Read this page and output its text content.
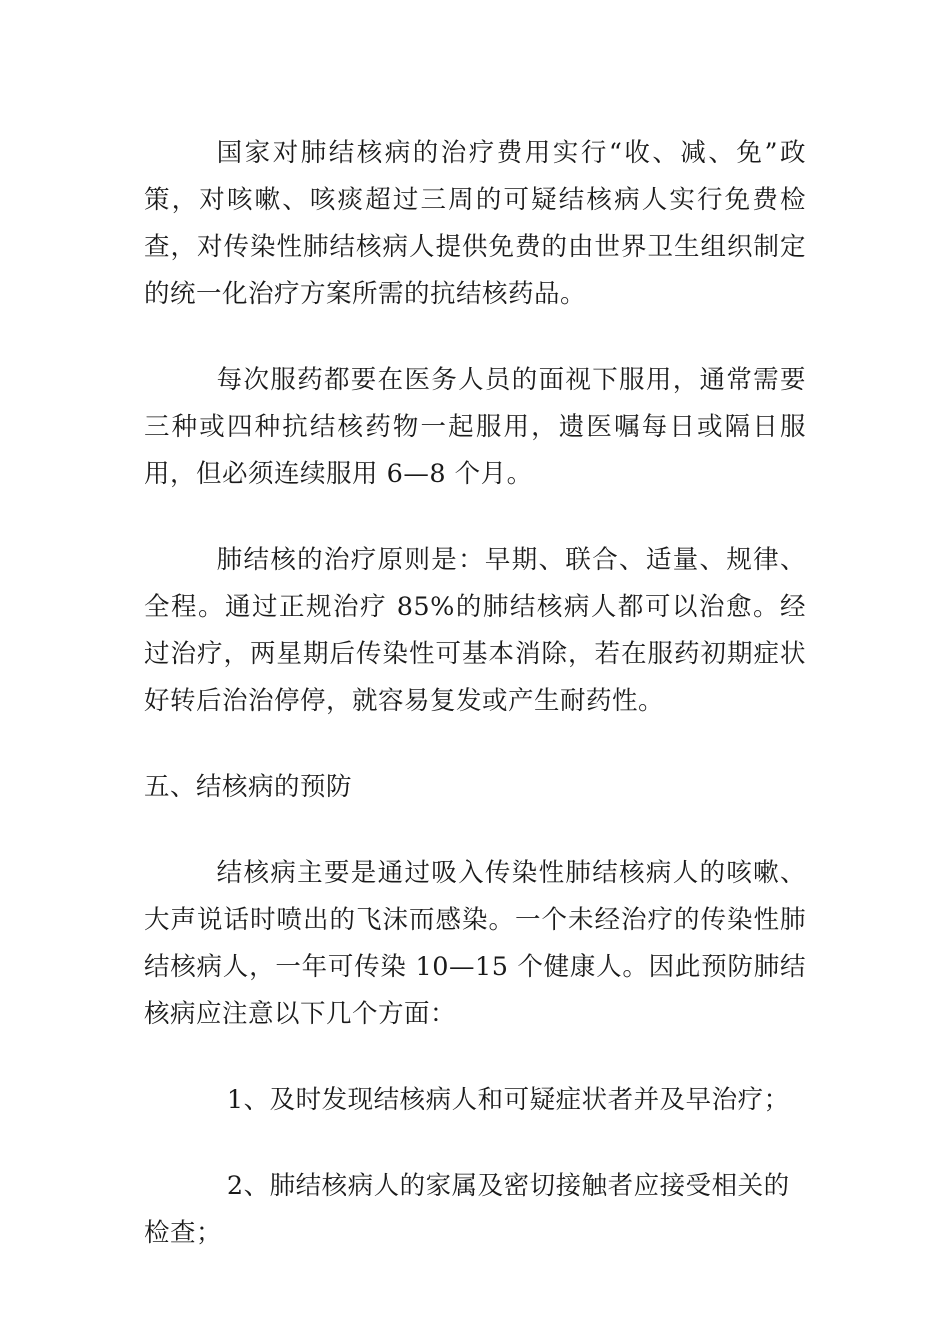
国家对肺结核病的治疗费用实行“收、减、免”政策，对咳嗽、咳痰超过三周的可疑结核病人实行免费检查，对传染性肺结核病人提供免费的由世界卫生组织制定的统一化治疗方案所需的抗结核药品。

每次服药都要在医务人员的面视下服用，通常需要三种或四种抗结核药物一起服用，遗医嘱每日或隔日服用，但必须连续服用 6—8 个月。

肺结核的治疗原则是：早期、联合、适量、规律、全程。通过正规治疗 85%的肺结核病人都可以治愈。经过治疗，两星期后传染性可基本消除，若在服药初期症状好转后治治停停，就容易复发或产生耐药性。

五、结核病的预防

结核病主要是通过吸入传染性肺结核病人的咳嗽、大声说话时喷出的飞沫而感染。一个未经治疗的传染性肺结核病人，一年可传染 10—15 个健康人。因此预防肺结核病应注意以下几个方面：

1、及时发现结核病人和可疑症状者并及早治疗；

2、肺结核病人的家属及密切接触者应接受相关的检查；
